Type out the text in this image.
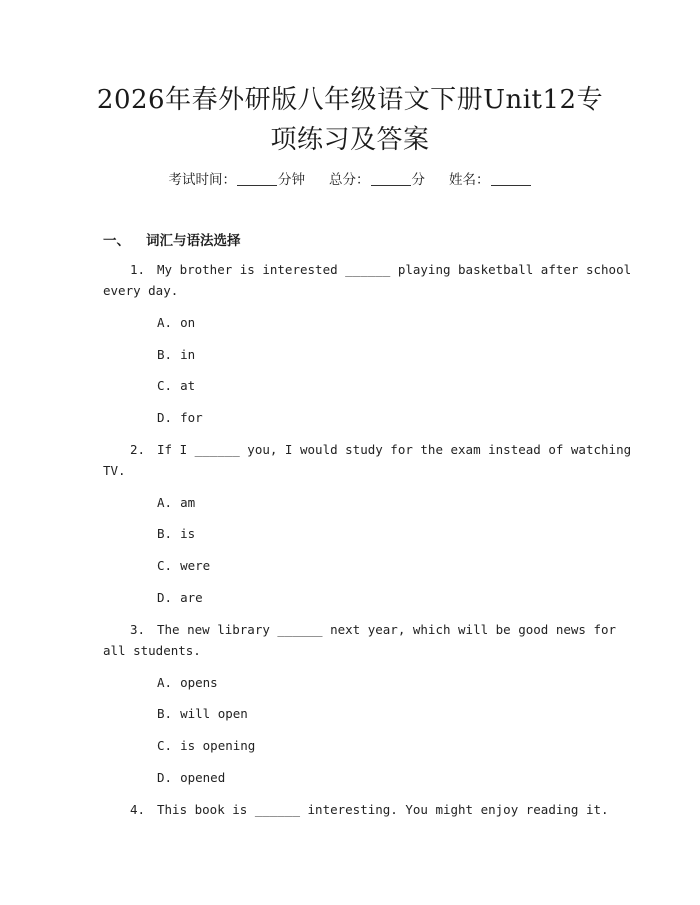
2026年春外研版八年级语文下册Unit12专
项练习及答案
考试时间：	分钟 总分：	分 姓名：
一、 词汇与语法选择
1. My brother is interested ______ playing basketball after school
every day.
A. on
B. in
C. at
D. for
2. If I ______ you, I would study for the exam instead of watching
TV.
A. am
B. is
C. were
D. are
3. The new library ______ next year, which will be good news for
all students.
A. opens
B. will open
C. is opening
D. opened
4. This book is ______ interesting. You might enjoy reading it.
